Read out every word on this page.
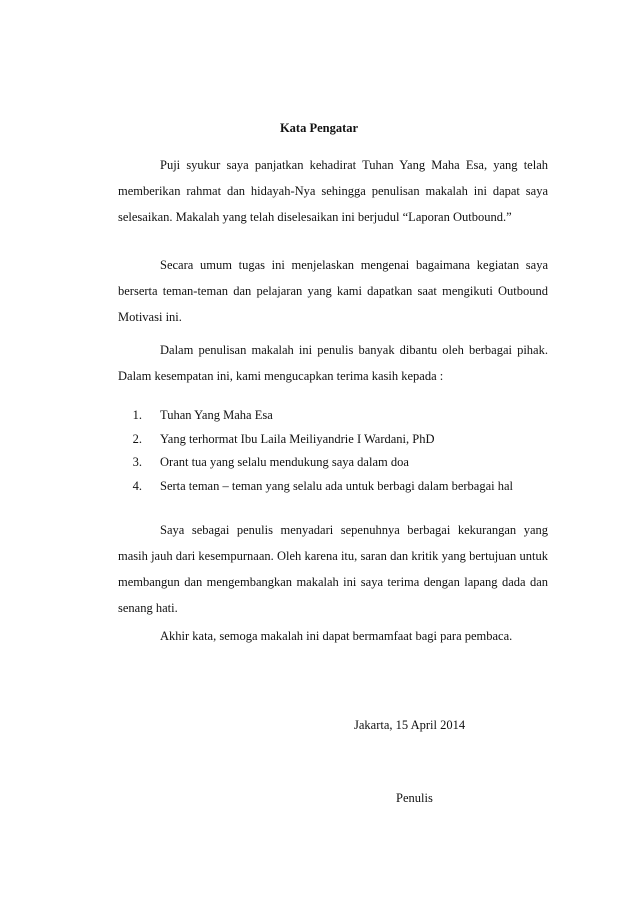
Kata Pengatar

Puji syukur saya panjatkan kehadirat Tuhan Yang Maha Esa, yang telah memberikan rahmat dan hidayah-Nya sehingga penulisan makalah ini dapat saya selesaikan. Makalah yang telah diselesaikan ini berjudul “Laporan Outbound.”

Secara umum tugas ini menjelaskan mengenai bagaimana kegiatan saya berserta teman-teman dan pelajaran yang kami dapatkan saat mengikuti Outbound Motivasi ini.

Dalam penulisan makalah ini penulis banyak dibantu oleh berbagai pihak. Dalam kesempatan ini, kami mengucapkan terima kasih kepada :

1.	Tuhan Yang Maha Esa
2.	Yang terhormat Ibu Laila Meiliyandrie I Wardani, PhD
3.	Orant tua yang selalu mendukung saya dalam doa
4.	Serta teman – teman yang selalu ada untuk berbagi dalam berbagai hal

Saya sebagai penulis menyadari sepenuhnya berbagai kekurangan yang masih jauh dari kesempurnaan. Oleh karena itu, saran dan kritik yang bertujuan untuk membangun dan mengembangkan makalah ini saya terima dengan lapang dada dan senang hati.

Akhir kata, semoga makalah ini dapat bermamfaat bagi para pembaca.

Jakarta, 15 April 2014
Penulis
